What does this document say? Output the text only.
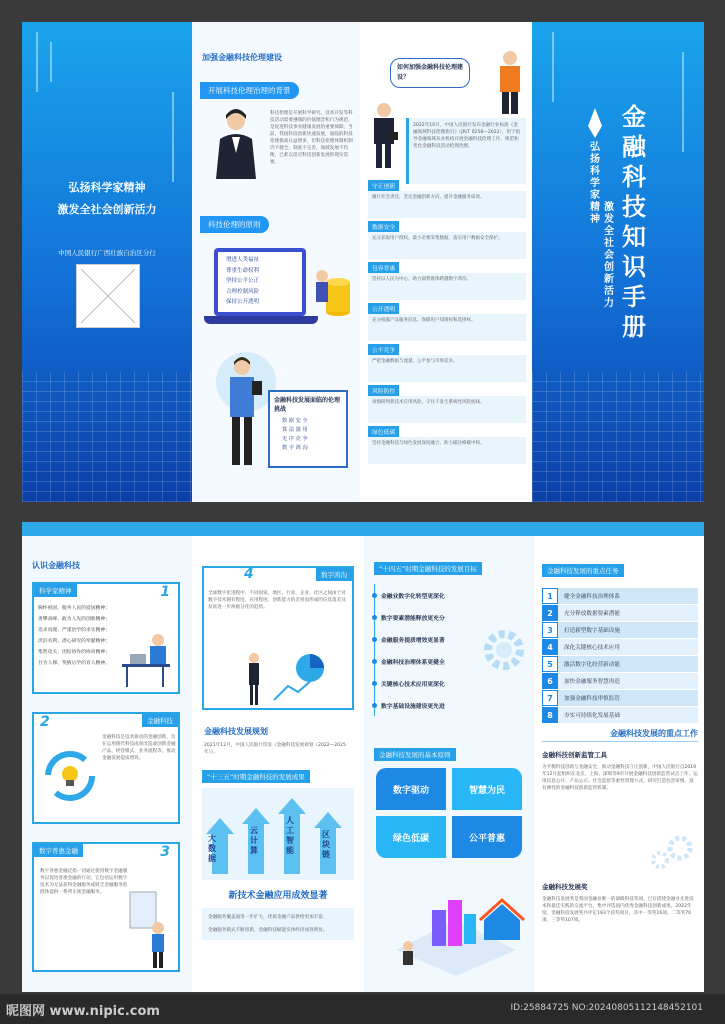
弘扬科学家精神
激发全社会创新活力
中国人民银行广西壮族自治区分行
加强金融科技伦理建设
开展科技伦理治理的背景
科技伦理是开展科学研究、技术开发等科技活动需要遵循的价值理念和行为规范，是促进科技事业健康发展的重要保障。当前，我国科技创新快速发展，面临的科技伦理挑战日益增多，但科技伦理体制机制仍不健全，制度不完善，领域发展不均衡，已难以适应科技创新发展的现实需要。
科技伦理的原则
增进人类福祉
尊重生命权利
坚持公平公正
合理控制风险
保持公开透明
金融科技发展面临的伦理挑战
数 据 安 全
算 法 滥 用
无 序 竞 争
数 字 鸿 沟
如何加强金融科技伦理建设？
2022年10月，中国人民银行发布金融行业标准《金融领域科技伦理指引》（JR/T 0258—2022），用于指导金融领域从业机构开展金融科技伦理工作，规范和优化金融科技活动伦理治理。
守正创新
履行社会责任，坚定金融创新方向，提升金融服务质效。
数据安全
充分获取用户授权，最小必要采集数据，落实用户数据安全保护。
包容普惠
坚持以人民为中心，助力弱势群体跨越数字鸿沟。
公开透明
充分披露产品服务信息，保障用户知情权和选择权。
公平竞争
严把金融数据与流量，公平参与市场竞争。
风险防控
审慎研判新技术应用风险，守住不发生系统性风险底线。
绿色低碳
坚持金融科技与绿色发展深度融合，助力碳达峰碳中和。
金融科技知识手册
弘扬科学家精神
激发全社会创新活力
认识金融科技
科学家精神	1
胸怀祖国、服务人民的爱国精神；
勇攀高峰、敢为人先的创新精神；
追求真理、严谨治学的求实精神；
淡泊名利、潜心研究的奉献精神；
集智攻关、团结协作的协同精神；
甘为人梯、奖掖后学的育人精神。
2	金融科技
金融科技是技术驱动的金融创新，旨在运用现代科技成果改造或创新金融产品、经营模式、业务流程等，推动金融发展提质增效。
数字普惠金融	3
数字普惠金融泛指一切通过使用数字金融服务以促进普惠金融的行动，它包括运用数字技术为无法获得金融服务或缺乏金融服务的群体提供一系列正规金融服务。
4	数字鸿沟
全球数字化进程中，不同国家、地区、行业、企业、社区之间由于对数字技术拥有程度、应用程度、创新能力的差别而形成的信息落差及贫富进一步两极分化的趋势。
金融科技发展规划
2021年12月，中国人民银行印发《金融科技发展规划（2022—2025年）》。
“十三五”时期金融科技的发展成果
大数据
云计算
人工智能
区块链
新技术金融应用成效显著
金融服务覆盖面进一步扩大，优质金融产品供给更加丰富。
金融服务模式不断创新，金融科技赋能实体经济成效明显。
“十四五”时期金融科技的发展目标
金融业数字化转型更深化
数字要素潜能释放更充分
金融服务提质增效更显著
金融科技治理体系更健全
关键核心技术应用更深化
数字基础设施建设更先进
金融科技发展的基本原则
数字驱动	智慧为民
绿色低碳	公平普惠
金融科技发展的重点任务
1	健全金融科技治理体系
2	充分释放数据要素潜能
3	打造新型数字基础设施
4	深化关键核心技术应用
5	激活数字化经营新动能
6	加快金融服务智慧再造
7	加强金融科技审慎监管
8	夯实可持续化发展基础
金融科技发展的重点工作
金融科技创新监管工具
为平衡科技创新与金融安全，推动金融科技守正创新，中国人民银行自2019年12月起组织在北京、上海、深圳等9市开展金融科技创新监管试点工作，运用信息公开、产品公示、社会监督等柔性管理方式，研究打造包容审慎、富有弹性的金融科技创新监管机制。
金融科技发展奖
金融科技发展奖是我国金融业唯一的部级科技奖项，已在搭建金融业先进技术和最佳实践的交流平台、集中评选国内优秀金融科技创新成果。2022年度，金融科技发展奖共评定193个获奖项目，其中一等奖16项、二等奖70项、三等奖107项。
昵图网 www.nipic.com	ID:25884725 NO:20240805112148452101
